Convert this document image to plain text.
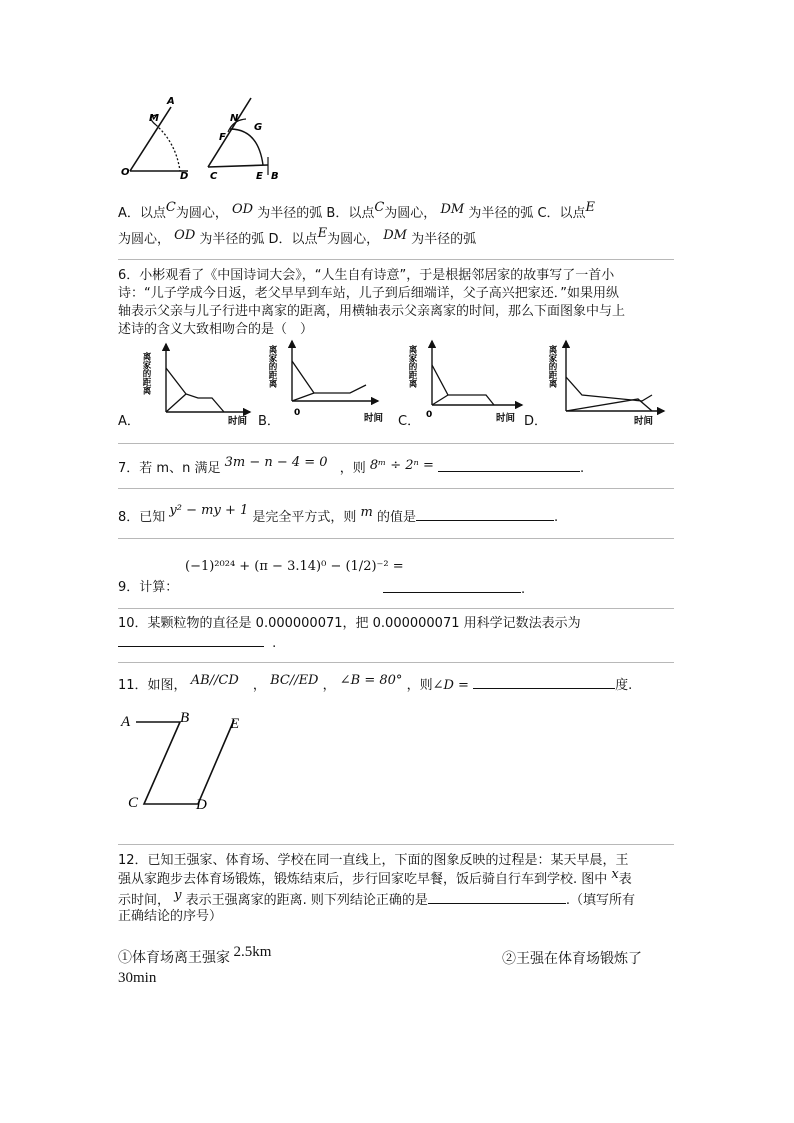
A
M
O	D
N
G
F
C	E B
A．以点C为圆心， OD 为半径的弧 B．以点C为圆心， DM 为半径的弧 C．以点E
为圆心， OD 为半径的弧 D．以点E为圆心， DM 为半径的弧
6．小彬观看了《中国诗词大会》，“人生自有诗意”，于是根据邻居家的故事写了一首小
诗：“儿子学成今日返，老父早早到车站，儿子到后细端详，父子高兴把家还．”如果用纵
轴表示父亲与儿子行进中离家的距离，用横轴表示父亲离家的时间，那么下面图象中与上
述诗的含义大致相吻合的是（　）
离家的距离
时间
A．
离家的距离
0	时间
B．
离家的距离
0	时间
C．
离家的距离
时间
D．
7．若 m、n 满足 3m − n − 4 = 0 ，则 8ᵐ ÷ 2ⁿ =	.
8．已知 y² − my + 1 是完全平方式，则 m 的值是	.
(−1)²⁰²⁴ + (π − 3.14)⁰ − (1/2)⁻² =
9．计算：	.
10．某颗粒物的直径是 0.000000071，把 0.000000071 用科学记数法表示为
.
11．如图， AB//CD ， BC//ED ， ∠B = 80° ，则∠D =	度.
A	B	E
C	D
12．已知王强家、体育场、学校在同一直线上，下面的图象反映的过程是：某天早晨，王
强从家跑步去体育场锻炼，锻炼结束后，步行回家吃早餐，饭后骑自行车到学校. 图中 x表
示时间， y 表示王强离家的距离. 则下列结论正确的是	.（填写所有
正确结论的序号）
①体育场离王强家 2.5km	②王强在体育场锻炼了
30min
